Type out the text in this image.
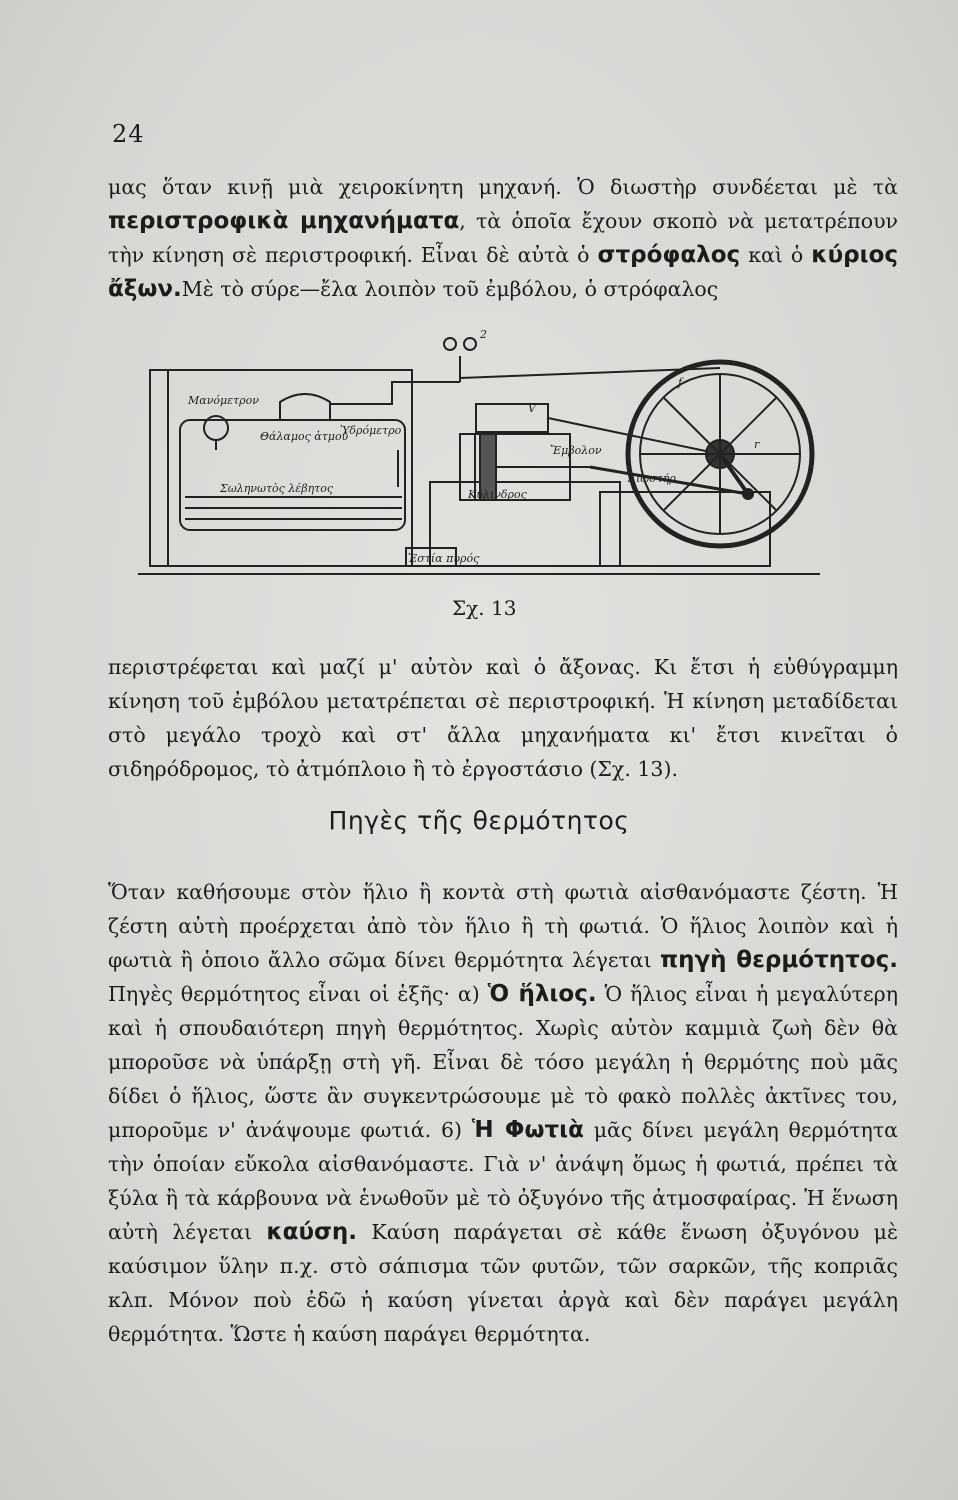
24

μας ὅταν κινῇ μιὰ χειροκίνητη μηχανή. Ὁ διωστὴρ συνδέεται μὲ τὰ περιστροφικὰ μηχανήματα, τὰ ὁποῖα ἔχουν σκοπὸ νὰ μετατρέπουν τὴν κίνηση σὲ περιστροφική. Εἶναι δὲ αὐτὰ ὁ στρόφαλος καὶ ὁ κύριος ἄξων.Μὲ τὸ σύρε—ἔλα λοιπὸν τοῦ ἐμβόλου, ὁ στρόφαλος

Μανόμετρον
Θάλαμος ἀτμοῦ
Ὑδρόμετρο
Σωληνωτὸς λέβητος
Ἑστία πυρός
Ἔμβολον
Κύλινδρος
Διωστήρ
f
r
V
2
Σχ. 13

περιστρέφεται καὶ μαζί μ' αὐτὸν καὶ ὁ ἄξονας. Κι ἔτσι ἡ εὐθύγραμμη κίνηση τοῦ ἐμβόλου μετατρέπεται σὲ περιστροφική. Ἡ κίνηση μεταδίδεται στὸ μεγάλο τροχὸ καὶ στ' ἄλλα μηχανήματα κι' ἔτσι κινεῖται ὁ σιδηρόδρομος, τὸ ἀτμόπλοιο ἢ τὸ ἐργοστάσιο (Σχ. 13).

Πηγὲς τῆς θερμότητος

Ὅταν καθήσουμε στὸν ἥλιο ἢ κοντὰ στὴ φωτιὰ αἰσθανόμαστε ζέστη. Ἡ ζέστη αὐτὴ προέρχεται ἀπὸ τὸν ἥλιο ἢ τὴ φωτιά. Ὁ ἥλιος λοιπὸν καὶ ἡ φωτιὰ ἢ ὁποιο ἄλλο σῶμα δίνει θερμότητα λέγεται πηγὴ θερμότητος. Πηγὲς θερμότητος εἶναι οἱ ἑξῆς· α) Ὁ ἥλιος. Ὁ ἥλιος εἶναι ἡ μεγαλύτερη καὶ ἡ σπουδαιότερη πηγὴ θερμότητος. Χωρὶς αὐτὸν καμμιὰ ζωὴ δὲν θὰ μποροῦσε νὰ ὑπάρξῃ στὴ γῆ. Εἶναι δὲ τόσο μεγάλη ἡ θερμότης ποὺ μᾶς δίδει ὁ ἥλιος, ὥστε ἂν συγκεντρώσουμε μὲ τὸ φακὸ πολλὲς ἀκτῖνες του, μποροῦμε ν' ἀνάψουμε φωτιά. 6) Ἡ Φωτιὰ μᾶς δίνει μεγάλη θερμότητα τὴν ὁποίαν εὔκολα αἰσθανόμαστε. Γιὰ ν' ἀνάψη ὅμως ἡ φωτιά, πρέπει τὰ ξύλα ἢ τὰ κάρβουνα νὰ ἑνωθοῦν μὲ τὸ ὀξυγόνο τῆς ἀτμοσφαίρας. Ἡ ἕνωση αὐτὴ λέγεται καύση. Καύση παράγεται σὲ κάθε ἕνωση ὀξυγόνου μὲ καύσιμον ὕλην π.χ. στὸ σάπισμα τῶν φυτῶν, τῶν σαρκῶν, τῆς κοπριᾶς κλπ. Μόνον ποὺ ἐδῶ ἡ καύση γίνεται ἀργὰ καὶ δὲν παράγει μεγάλη θερμότητα. Ὥστε ἡ καύση παράγει θερμότητα.
